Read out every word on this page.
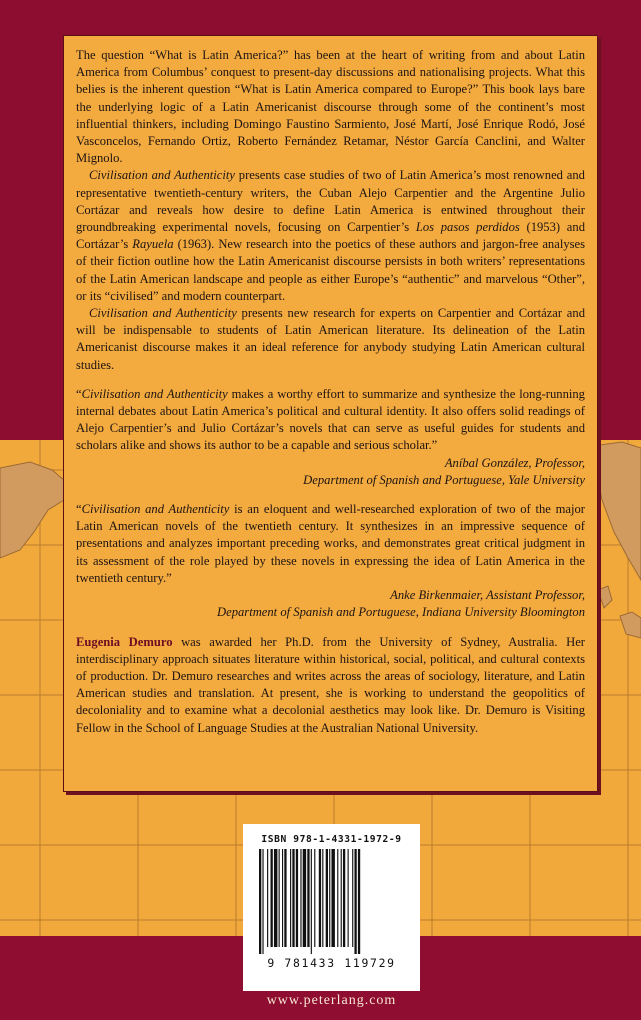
The question “What is Latin America?” has been at the heart of writing from and about Latin America from Columbus’ conquest to present-day discussions and nationalising projects. What this belies is the inherent question “What is Latin America compared to Europe?” This book lays bare the underlying logic of a Latin Americanist discourse through some of the continent’s most influential thinkers, including Domingo Faustino Sarmiento, José Martí, José Enrique Rodó, José Vasconcelos, Fernando Ortiz, Roberto Fernández Retamar, Néstor García Canclini, and Walter Mignolo.

Civilisation and Authenticity presents case studies of two of Latin America’s most renowned and representative twentieth-century writers, the Cuban Alejo Carpentier and the Argentine Julio Cortázar and reveals how desire to define Latin America is entwined throughout their groundbreaking experimental novels, focusing on Carpentier’s Los pasos perdidos (1953) and Cortázar’s Rayuela (1963). New research into the poetics of these authors and jargon-free analyses of their fiction outline how the Latin Americanist discourse persists in both writers’ representations of the Latin American landscape and people as either Europe’s “authentic” and marvelous “Other”, or its “civilised” and modern counterpart.

Civilisation and Authenticity presents new research for experts on Carpentier and Cortázar and will be indispensable to students of Latin American literature. Its delineation of the Latin Americanist discourse makes it an ideal reference for anybody studying Latin American cultural studies.

“Civilisation and Authenticity makes a worthy effort to summarize and synthesize the long-running internal debates about Latin America’s political and cultural identity. It also offers solid readings of Alejo Carpentier’s and Julio Cortázar’s novels that can serve as useful guides for students and scholars alike and shows its author to be a capable and serious scholar.”

Aníbal González, Professor,

Department of Spanish and Portuguese, Yale University

“Civilisation and Authenticity is an eloquent and well-researched exploration of two of the major Latin American novels of the twentieth century. It synthesizes in an impressive sequence of presentations and analyzes important preceding works, and demonstrates great critical judgment in its assessment of the role played by these novels in expressing the idea of Latin America in the twentieth century.”

Anke Birkenmaier, Assistant Professor,

Department of Spanish and Portuguese, Indiana University Bloomington

Eugenia Demuro was awarded her Ph.D. from the University of Sydney, Australia. Her interdisciplinary approach situates literature within historical, social, political, and cultural contexts of production. Dr. Demuro researches and writes across the areas of sociology, literature, and Latin American studies and translation. At present, she is working to understand the geopolitics of decoloniality and to examine what a decolonial aesthetics may look like. Dr. Demuro is Visiting Fellow in the School of Language Studies at the Australian National University.

ISBN 978-1-4331-1972-9
9 781433 119729
www.peterlang.com
